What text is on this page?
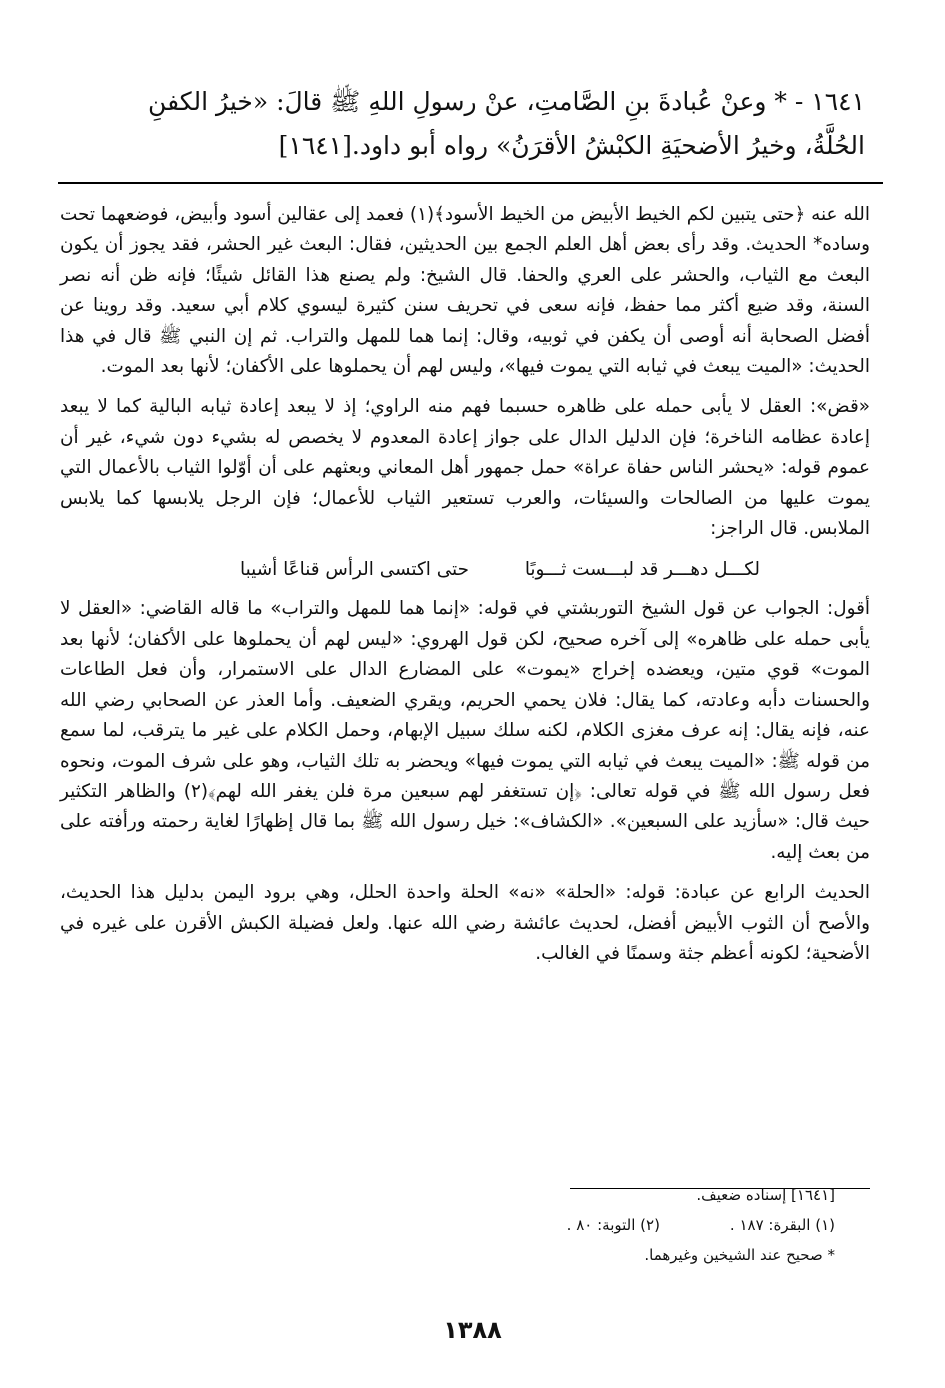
١٦٤١ - * وعنْ عُبادةَ بنِ الصَّامتِ، عنْ رسولِ اللهِ ﷺ قالَ: «خيرُ الكفنِ

الحُلَّةُ، وخيرُ الأضحيَةِ الكبْشُ الأقرَنُ» رواه أبو داود.[١٦٤١]

الله عنه ﴿حتى يتبين لكم الخيط الأبيض من الخيط الأسود﴾(١) فعمد إلى عقالين أسود وأبيض، فوضعهما تحت وساده* الحديث. وقد رأى بعض أهل العلم الجمع بين الحديثين، فقال: البعث غير الحشر، فقد يجوز أن يكون البعث مع الثياب، والحشر على العري والحفا. قال الشيخ: ولم يصنع هذا القائل شيئًا؛ فإنه ظن أنه نصر السنة، وقد ضيع أكثر مما حفظ، فإنه سعى في تحريف سنن كثيرة ليسوي كلام أبي سعيد. وقد روينا عن أفضل الصحابة أنه أوصى أن يكفن في ثوبيه، وقال: إنما هما للمهل والتراب. ثم إن النبي ﷺ قال في هذا الحديث: «الميت يبعث في ثيابه التي يموت فيها»، وليس لهم أن يحملوها على الأكفان؛ لأنها بعد الموت.

«قض»: العقل لا يأبى حمله على ظاهره حسبما فهم منه الراوي؛ إذ لا يبعد إعادة ثيابه البالية كما لا يبعد إعادة عظامه الناخرة؛ فإن الدليل الدال على جواز إعادة المعدوم لا يخصص له بشيء دون شيء، غير أن عموم قوله: «يحشر الناس حفاة عراة» حمل جمهور أهل المعاني وبعثهم على أن أوّلوا الثياب بالأعمال التي يموت عليها من الصالحات والسيئات، والعرب تستعير الثياب للأعمال؛ فإن الرجل يلابسها كما يلابس الملابس. قال الراجز:

لكـــل دهـــر قد لبـــست ثـــوبًا
حتى اكتسى الرأس قناعًا أشيبا

أقول: الجواب عن قول الشيخ التوربشتي في قوله: «إنما هما للمهل والتراب» ما قاله القاضي: «العقل لا يأبى حمله على ظاهره» إلى آخره صحيح، لكن قول الهروي: «ليس لهم أن يحملوها على الأكفان؛ لأنها بعد الموت» قوي متين، ويعضده إخراج «يموت» على المضارع الدال على الاستمرار، وأن فعل الطاعات والحسنات دأبه وعادته، كما يقال: فلان يحمي الحريم، ويقري الضعيف. وأما العذر عن الصحابي رضي الله عنه، فإنه يقال: إنه عرف مغزى الكلام، لكنه سلك سبيل الإبهام، وحمل الكلام على غير ما يترقب، لما سمع من قوله ﷺ: «الميت يبعث في ثيابه التي يموت فيها» ويحضر به تلك الثياب، وهو على شرف الموت، ونحوه فعل رسول الله ﷺ في قوله تعالى: ﴿إن تستغفر لهم سبعين مرة فلن يغفر الله لهم﴾(٢) والظاهر التكثير حيث قال: «سأزيد على السبعين». «الكشاف»: خيل رسول الله ﷺ بما قال إظهارًا لغاية رحمته ورأفته على من بعث إليه.

الحديث الرابع عن عبادة: قوله: «الحلة» «نه» الحلة واحدة الحلل، وهي برود اليمن بدليل هذا الحديث، والأصح أن الثوب الأبيض أفضل، لحديث عائشة رضي الله عنها. ولعل فضيلة الكبش الأقرن على غيره في الأضحية؛ لكونه أعظم جثة وسمنًا في الغالب.

[١٦٤١] إسناده ضعيف.
(١) البقرة: ١٨٧ .
(٢) التوبة: ٨٠ .
* صحيح عند الشيخين وغيرهما.
١٣٨٨
